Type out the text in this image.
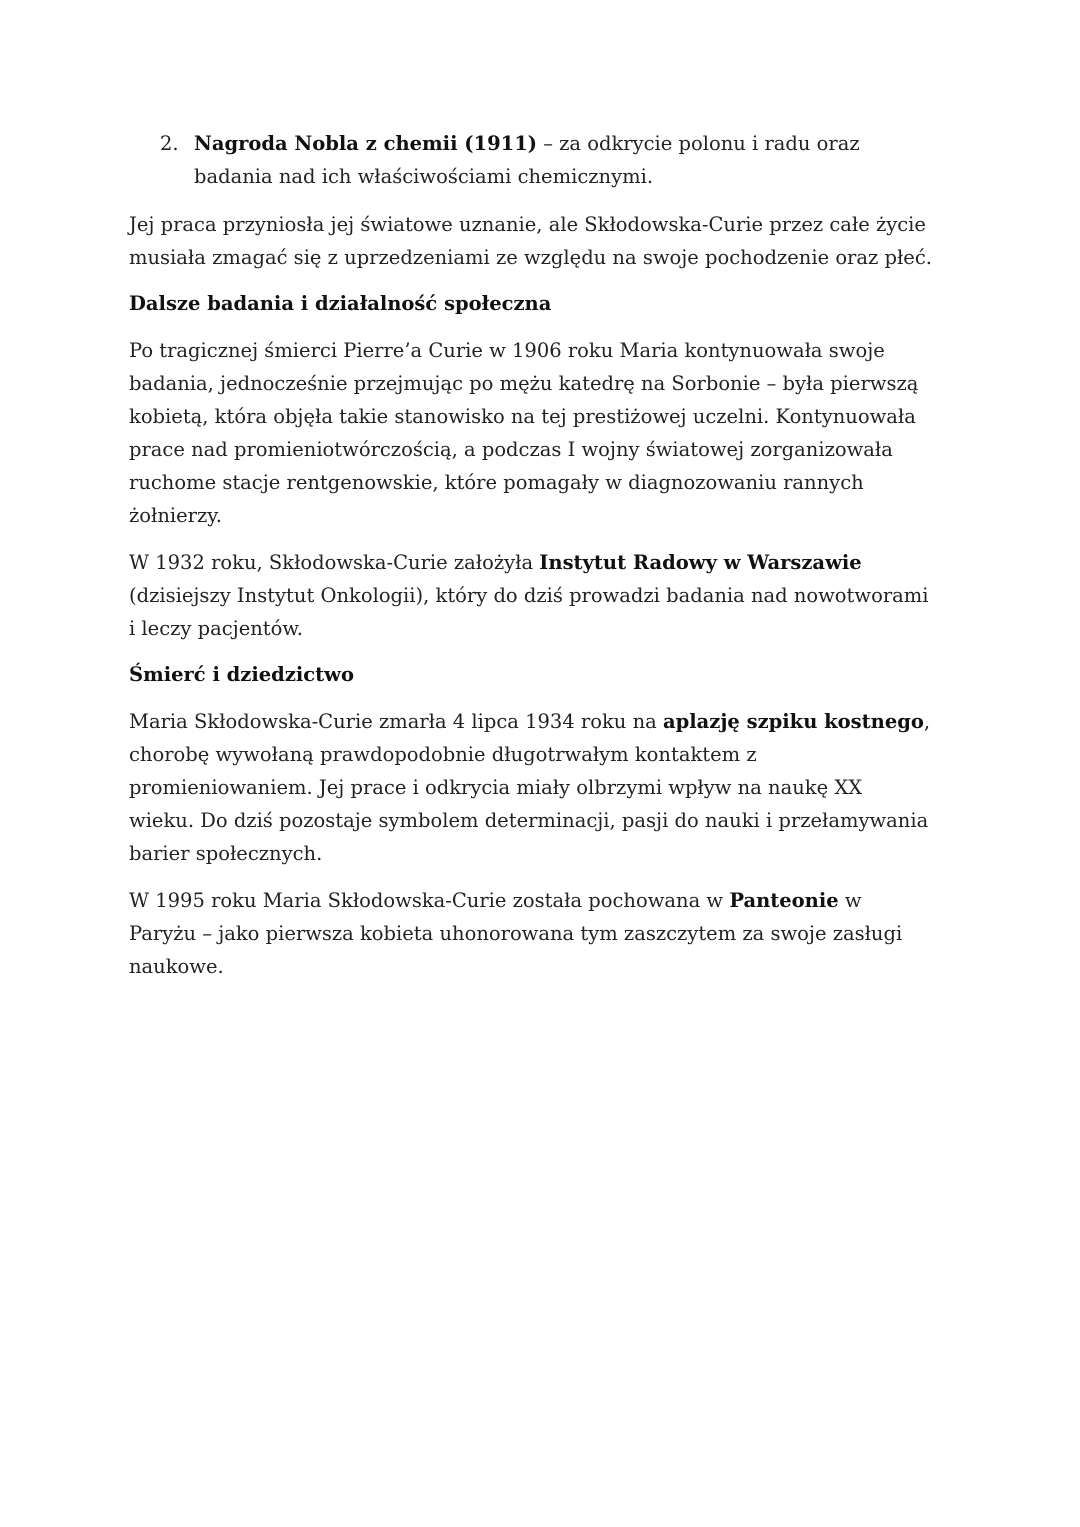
2. Nagroda Nobla z chemii (1911) – za odkrycie polonu i radu oraz
badania nad ich właściwościami chemicznymi.
Jej praca przyniosła jej światowe uznanie, ale Skłodowska-Curie przez całe życie
musiała zmagać się z uprzedzeniami ze względu na swoje pochodzenie oraz płeć.
Dalsze badania i działalność społeczna
Po tragicznej śmierci Pierre’a Curie w 1906 roku Maria kontynuowała swoje
badania, jednocześnie przejmując po mężu katedrę na Sorbonie – była pierwszą
kobietą, która objęła takie stanowisko na tej prestiżowej uczelni. Kontynuowała
prace nad promieniotwórczością, a podczas I wojny światowej zorganizowała
ruchome stacje rentgenowskie, które pomagały w diagnozowaniu rannych
żołnierzy.
W 1932 roku, Skłodowska-Curie założyła Instytut Radowy w Warszawie
(dzisiejszy Instytut Onkologii), który do dziś prowadzi badania nad nowotworami
i leczy pacjentów.
Śmierć i dziedzictwo
Maria Skłodowska-Curie zmarła 4 lipca 1934 roku na aplazję szpiku kostnego,
chorobę wywołaną prawdopodobnie długotrwałym kontaktem z
promieniowaniem. Jej prace i odkrycia miały olbrzymi wpływ na naukę XX
wieku. Do dziś pozostaje symbolem determinacji, pasji do nauki i przełamywania
barier społecznych.
W 1995 roku Maria Skłodowska-Curie została pochowana w Panteonie w
Paryżu – jako pierwsza kobieta uhonorowana tym zaszczytem za swoje zasługi
naukowe.
